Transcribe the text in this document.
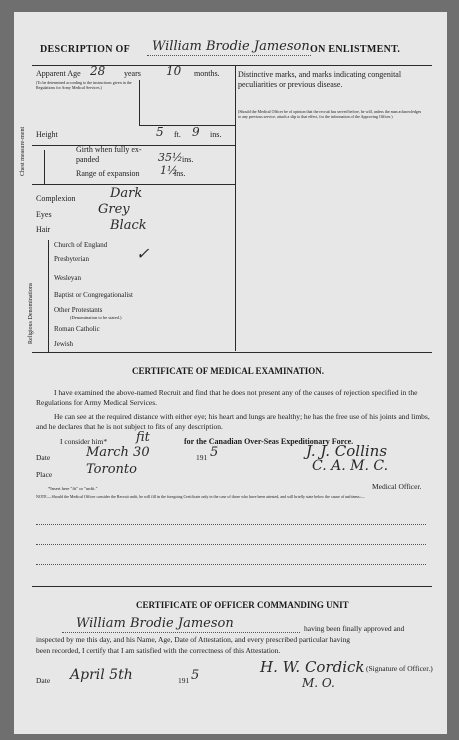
DESCRIPTION OF William Brodie Jameson ON ENLISTMENT.
Apparent Age 28 years 10 months.
(To be determined according to the instructions given in the Regulations for Army Medical Services.)
Height	5 ft. 9 ins.
Chest measure-ment	Girth when fully ex-
panded	35½ ins.
Range of expansion 1½
ins.
Complexion	Dark
Eyes	Grey
Hair	Black
Religious Denominations
Church of England
Presbyterian	✓
Wesleyan
Baptist or Congregationalist
Other Protestants
(Denomination to be stated.)
Roman Catholic
Jewish
Distinctive marks, and marks indicating congenital peculiarities or previous disease.
(Should the Medical Officer be of opinion that the recruit has served before, he will, unless the man acknowledges to any previous service, attach a slip to that effect, for the information of the Approving Officer.)
CERTIFICATE OF MEDICAL EXAMINATION.
I have examined the above-named Recruit and find that he does not present any of the causes of rejection specified in the Regulations for Army Medical Services.
He can see at the required distance with either eye; his heart and lungs are healthy; he has the free use of his joints and limbs, and he declares that he is not subject to fits of any description.
I consider him* fit	for the Canadian Over-Seas Expeditionary Force.
Date	March 30	191 5
Place	Toronto
J. J. Collins
C. A. M. C.
Medical Officer.
*Insert here "fit" or "unfit."
NOTE.—Should the Medical Officer consider the Recruit unfit, he will fill in the foregoing Certificate only in the case of those who have been attested, and will briefly state below the cause of unfitness:—
CERTIFICATE OF OFFICER COMMANDING UNIT
William Brodie Jameson	having been finally approved and
inspected by me this day, and his Name, Age, Date of Attestation, and every prescribed particular having
been recorded, I certify that I am satisfied with the correctness of this Attestation.
H. W. Cordick (Signature of Officer.)
M. O.
Date April 5th	191 5
